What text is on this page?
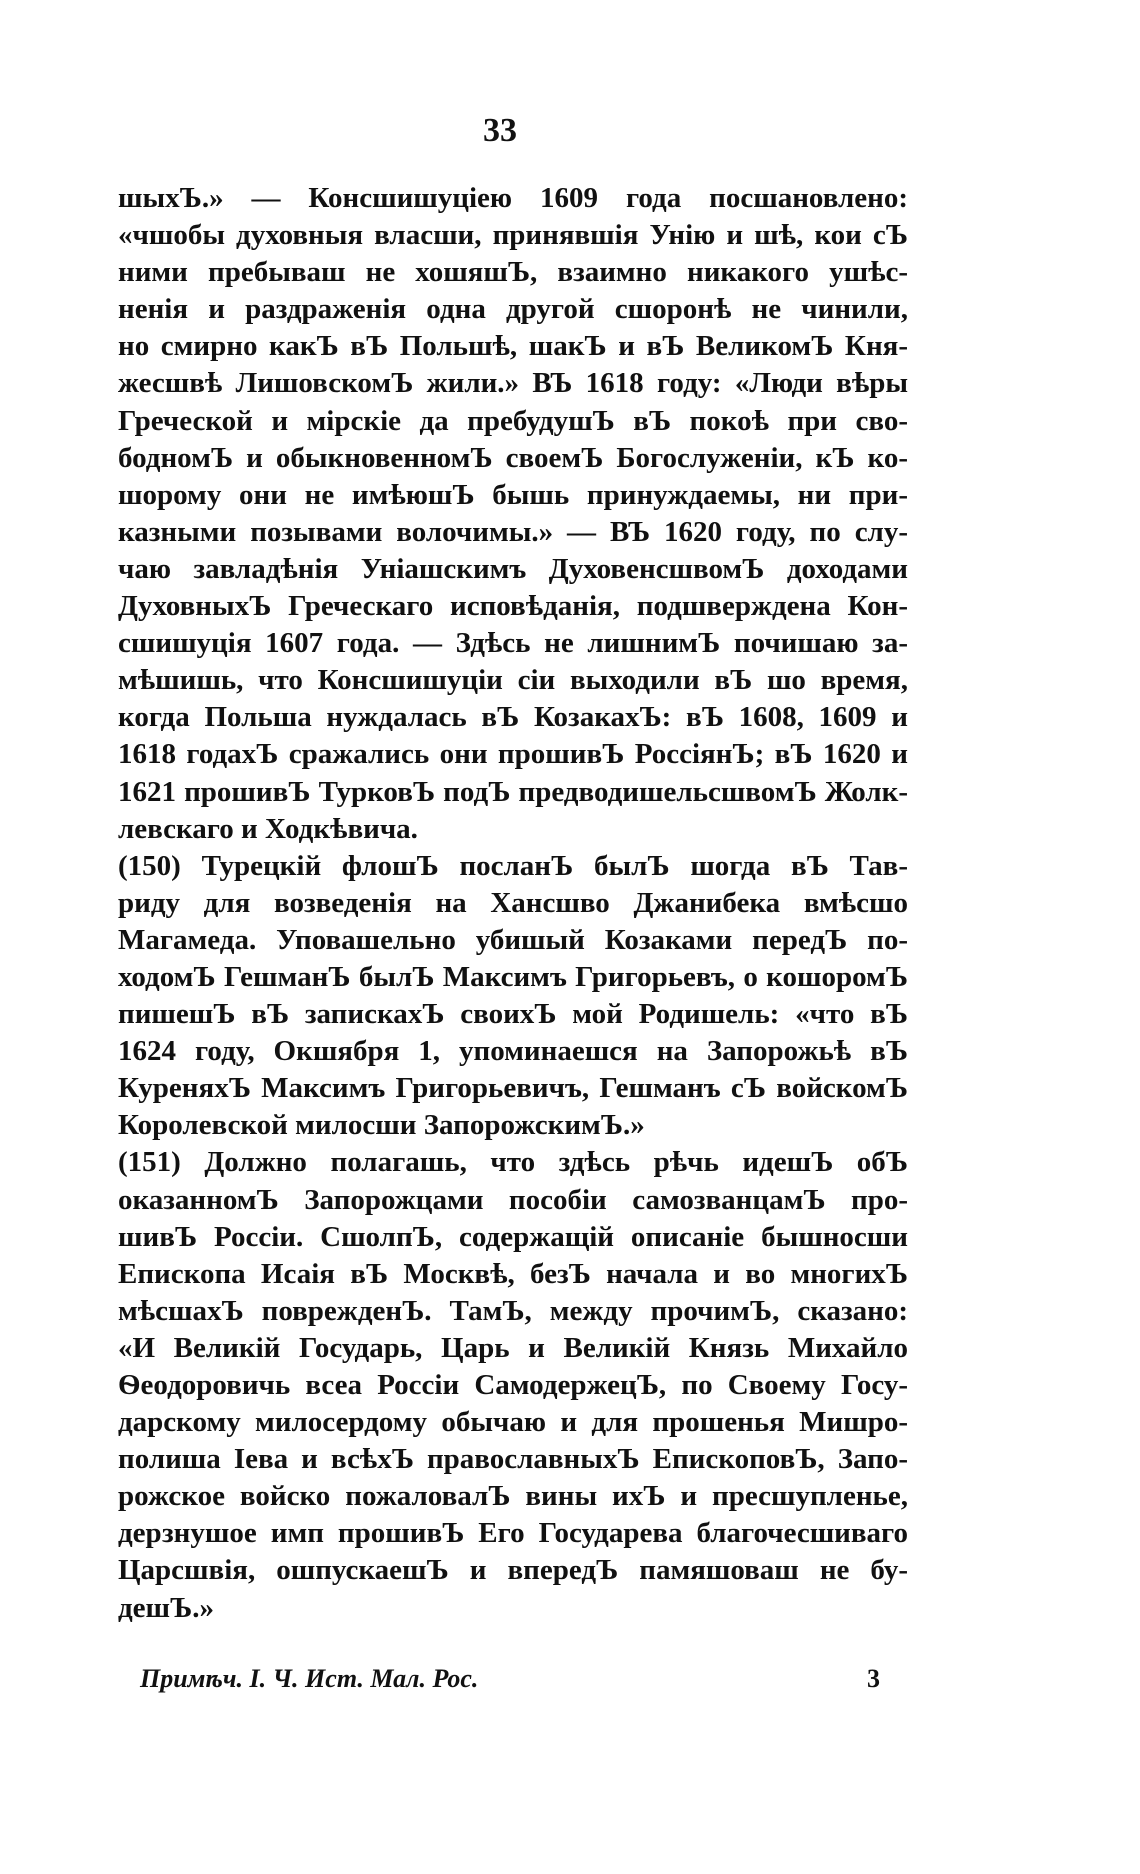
33
шыхЪ.» — Консшишуціею 1609 года посшановлено:
«чшобы духовныя власши, принявшія Унію и шѣ, кои сЪ
ними пребываш не хошяшЪ, взаимно никакого ушѣс-
ненія и раздраженія одна другой сшоронѣ не чинили,
но смирно какЪ вЪ Польшѣ, шакЪ и вЪ ВеликомЪ Кня-
жесшвѣ ЛишовскомЪ жили.» ВЪ 1618 году: «Люди вѣры
Греческой и мірскіе да пребудушЪ вЪ покоѣ при сво-
бодномЪ и обыкновенномЪ своемЪ Богослуженіи, кЪ ко-
шорому они не имѣюшЪ бышь принуждаемы, ни при-
казными позывами волочимы.» — ВЪ 1620 году, по слу-
чаю завладѣнія Уніашскимъ ДуховенсшвомЪ доходами
ДуховныхЪ Греческаго исповѣданія, подшверждена Кон-
сшишуція 1607 года. — Здѣсь не лишнимЪ почишаю за-
мѣшишь, что Консшишуціи сіи выходили вЪ шо время,
когда Польша нуждалась вЪ КозакахЪ: вЪ 1608, 1609 и
1618 годахЪ сражались они прошивЪ РоссіянЪ; вЪ 1620 и
1621 прошивЪ ТурковЪ подЪ предводишельсшвомЪ Жолк-
левскаго и Ходкѣвича.
(150) Турецкій флошЪ посланЪ былЪ шогда вЪ Тав-
риду для возведенія на Хансшво Джанибека вмѣсшо
Магамеда. Уповашельно убишый Козаками передЪ по-
ходомЪ ГешманЪ былЪ Максимъ Григорьевъ, о кошоромЪ
пишешЪ вЪ запискахЪ своихЪ мой Родишель: «что вЪ
1624 году, Окшября 1, упоминаешся на Запорожьѣ вЪ
КуреняхЪ Максимъ Григорьевичъ, Гешманъ сЪ войскомЪ
Королевской милосши ЗапорожскимЪ.»
(151) Должно полагашь, что здѣсь рѣчь идешЪ обЪ
оказанномЪ Запорожцами пособіи самозванцамЪ про-
шивЪ Россіи. СшолпЪ, содержащій описаніе бышносши
Епископа Исаія вЪ Москвѣ, безЪ начала и во многихЪ
мѣсшахЪ поврежденЪ. ТамЪ, между прочимЪ, сказано:
«И Великій Государь, Царь и Великій Князь Михайло
Ѳеодоровичь всеа Россіи СамодержецЪ, по Своему Госу-
дарскому милосердому обычаю и для прошенья Мишро-
полиша Іева и всѣхЪ православныхЪ ЕпископовЪ, Запо-
рожское войско пожаловалЪ вины ихЪ и пресшупленье,
дерзнушое имп прошивЪ Его Государева благочесшиваго
Царсшвія, ошпускаешЪ и впередЪ памяшоваш не бу-
дешЪ.»
Примѣч. I. Ч. Ист. Мал. Рос.	3
